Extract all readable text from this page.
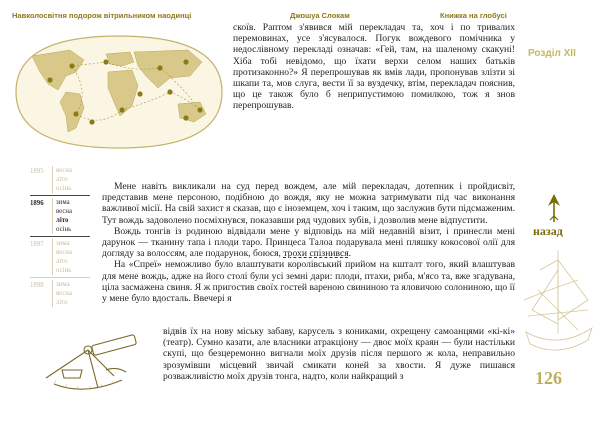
Навколосвітня подорож вітрильником наодинці	Джошуа Слокам	Книжка на глобусі
Розділ ХІІ
1895	весна
літо
осінь
1896	зима
весна
літо
осінь
1897	зима
весна
літо
осінь
1898	зима
весна
літо

скоїв. Раптом з'явився мій перекладач та, хоч і по тривалих перемовинах, усе з'ясувалося. Погук вождевого помічника у недослівному перекладі означав: «Гей, там, на шаленому скакуні! Хіба тобі невідомо, що їхати верхи селом наших батьків протизаконно?» Я перепрошував як вмів лади, пропонував злізти зі шкапи та, мов слуга, вести її за вуздечку, втім, перекладач пояснив, що це також було б неприпустимою помилкою, тож я знов перепрошував.

Мене навіть викликали на суд перед вождем, але мій перекладач, дотепник і пройдисвіт, представив мене персоною, подібною до вождя, яку не можна затримувати під час виконання важливої місії. На свій захист я сказав, що є іноземцем, хоч і таким, що заслужив бути підсмаженим. Тут вождь задоволено посміхнувся, показавши ряд чудових зубів, і дозволив мене відпустити.

Вождь тонгів із родиною відвідали мене у відповідь на мій недавній візит, і принесли мені дарунок — тканину тапа і плоди таро. Принцеса Талоа подарувала мені пляшку кокосової олії для догляду за волоссям, але подарунок, боюся, трохи спізнився.

На «Спреї» неможливо було влаштувати королівський прийом на кшталт того, який влаштував для мене вождь, адже на його столі були усі земні дари: плоди, птахи, риба, м'ясо та, вже згадувана, ціла засмажена свиня. Я ж пригостив своїх гостей вареною свининою та яловичою солониною, що її у мене було вдосталь. Ввечері я

відвів їх на нову міську забаву, карусель з кониками, охрещену самоанцями «кі-кі» (театр). Сумно казати, але власники атракціону — двоє моїх краян — були настільки скупі, що безцеремонно вигнали моїх друзів після першого ж кола, неправильно зрозумівши місцевий звичай смикати коней за хвости. Я дуже пишався розважливістю моїх друзів тонга, надто, коли найкращий з

назад
126
